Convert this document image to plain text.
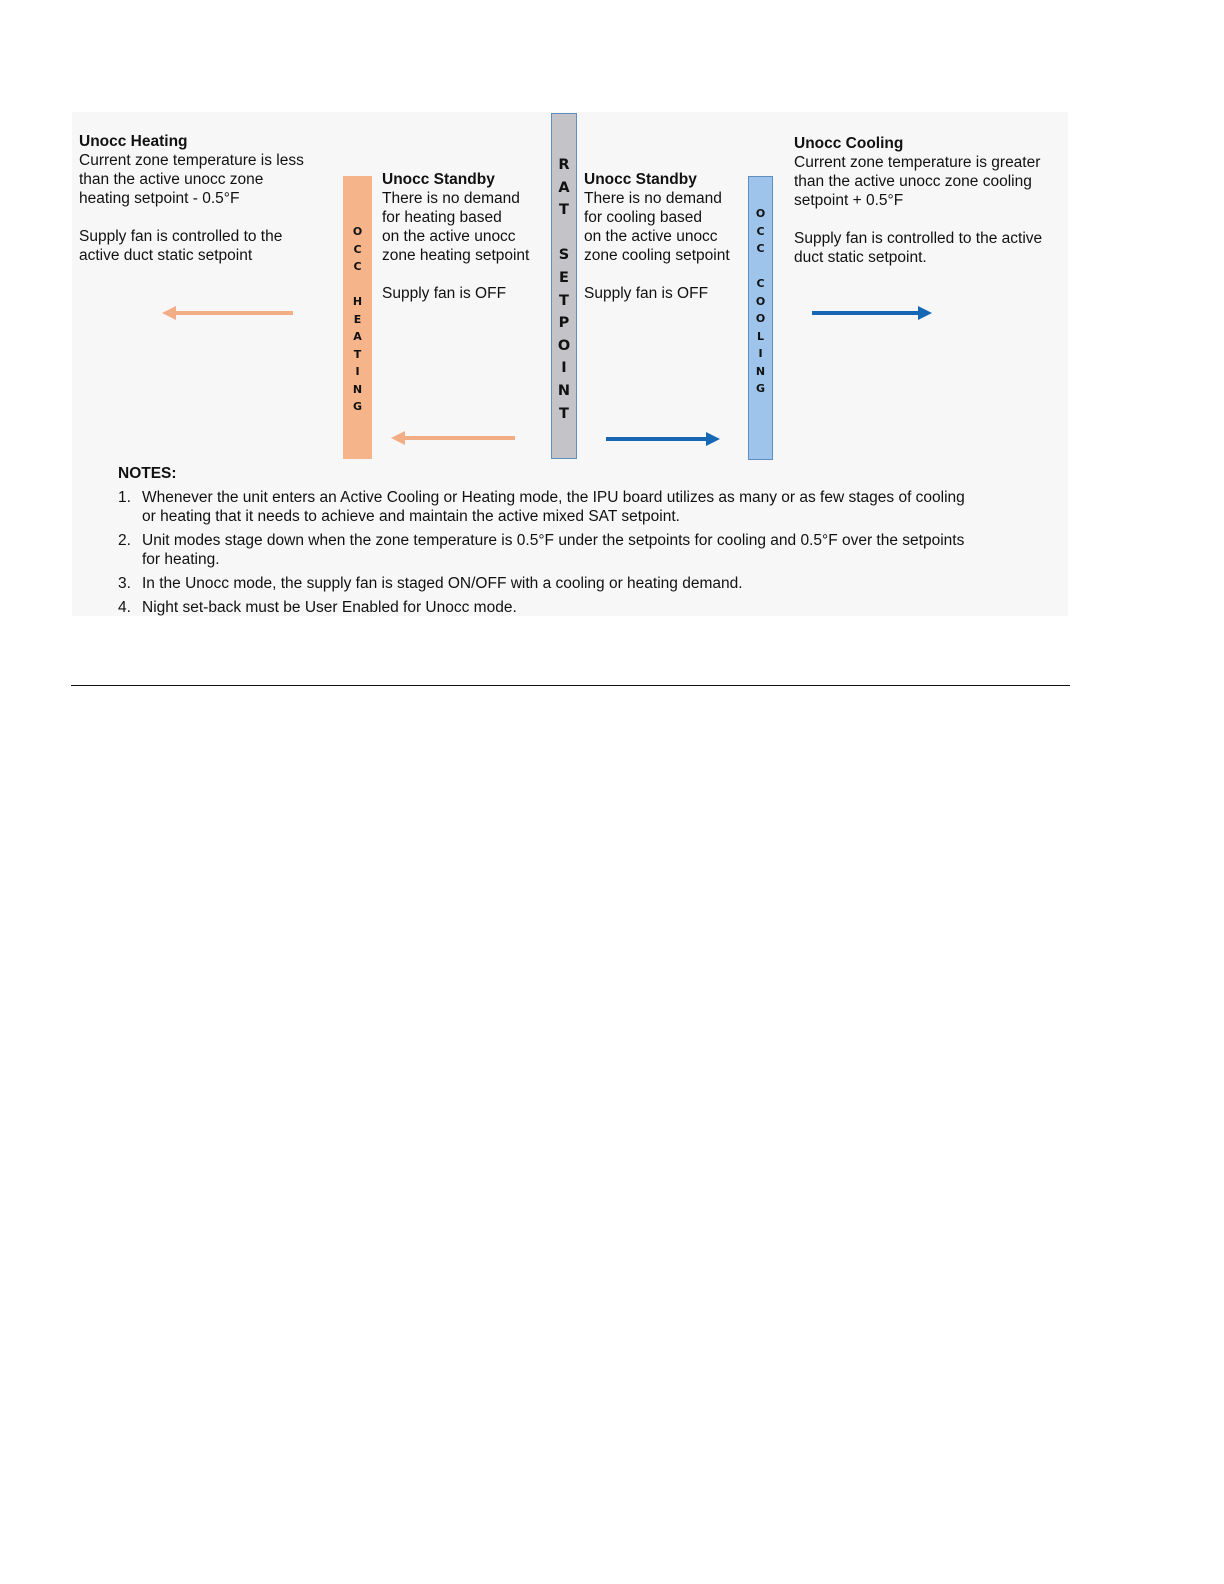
Unocc Heating
Current zone temperature is less
than the active unocc zone
heating setpoint - 0.5°F
Supply fan is controlled to the
active duct static setpoint
Unocc Standby
There is no demand
for heating based
on the active unocc
zone heating setpoint
Supply fan is OFF
Unocc Standby
There is no demand
for cooling based
on the active unocc
zone cooling setpoint
Supply fan is OFF
Unocc Cooling
Current zone temperature is greater
than the active unocc zone cooling
setpoint + 0.5°F
Supply fan is controlled to the active
duct static setpoint.
O
C
C
H
E
A
T
I
N
G
R
A
T
S
E
T
P
O
I
N
T
O
C
C
C
O
O
L
I
N
G
NOTES:
1. Whenever the unit enters an Active Cooling or Heating mode, the IPU board utilizes as many or as few stages of cooling
or heating that it needs to achieve and maintain the active mixed SAT setpoint.
2. Unit modes stage down when the zone temperature is 0.5°F under the setpoints for cooling and 0.5°F over the setpoints
for heating.
3. In the Unocc mode, the supply fan is staged ON/OFF with a cooling or heating demand.
4. Night set-back must be User Enabled for Unocc mode.
